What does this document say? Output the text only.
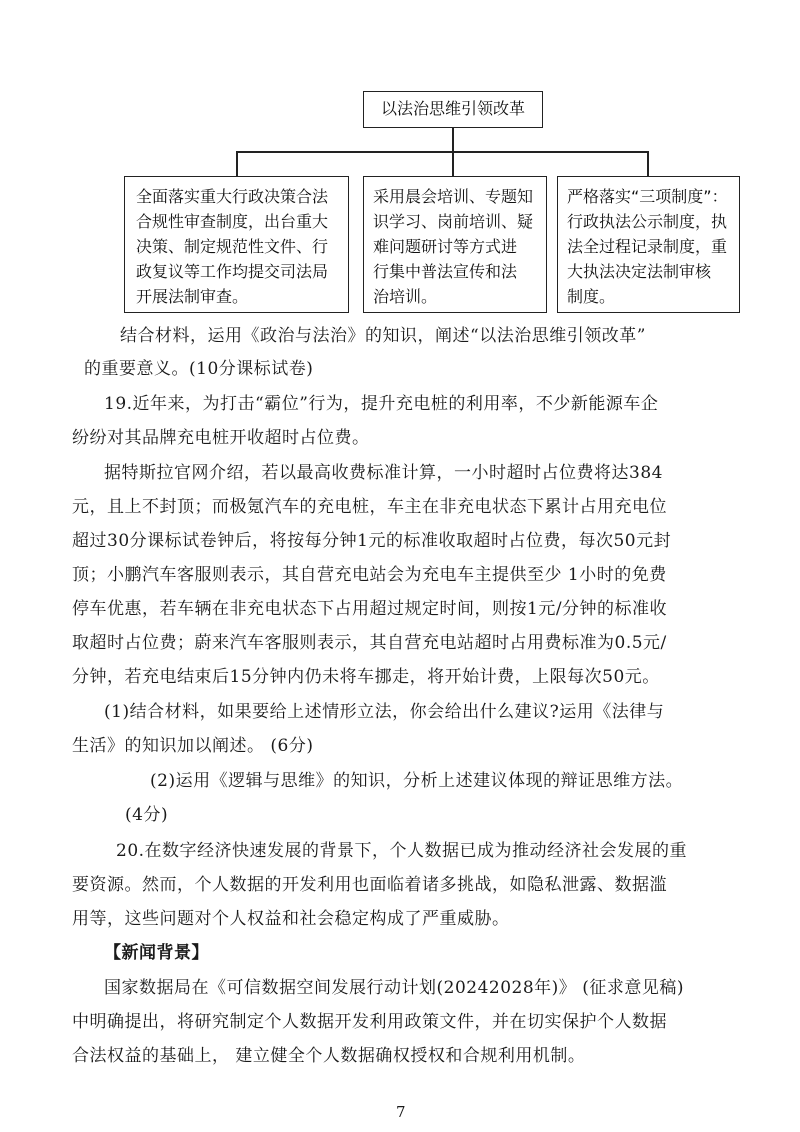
以法治思维引领改革
全面落实重大行政决策合法
合规性审查制度，出台重大
决策、制定规范性文件、行
政复议等工作均提交司法局
开展法制审查。
采用晨会培训、专题知
识学习、岗前培训、疑
难问题研讨等方式进
行集中普法宣传和法
治培训。
严格落实“三项制度”：
行政执法公示制度，执
法全过程记录制度，重
大执法决定法制审核
制度。
结合材料，运用《政治与法治》的知识，阐述“以法治思维引领改革”
的重要意义。(10分课标试卷)
19.近年来，为打击“霸位”行为，提升充电桩的利用率，不少新能源车企
纷纷对其品牌充电桩开收超时占位费。
据特斯拉官网介绍，若以最高收费标准计算，一小时超时占位费将达384
元，且上不封顶；而极氪汽车的充电桩，车主在非充电状态下累计占用充电位
超过30分课标试卷钟后，将按每分钟1元的标准收取超时占位费，每次50元封
顶；小鹏汽车客服则表示，其自营充电站会为充电车主提供至少 1小时的免费
停车优惠，若车辆在非充电状态下占用超过规定时间，则按1元/分钟的标准收
取超时占位费；蔚来汽车客服则表示，其自营充电站超时占用费标准为0.5元/
分钟，若充电结束后15分钟内仍未将车挪走，将开始计费，上限每次50元。
(1)结合材料，如果要给上述情形立法，你会给出什么建议?运用《法律与
生活》的知识加以阐述。 (6分)
(2)运用《逻辑与思维》的知识，分析上述建议体现的辩证思维方法。
(4分)
20.在数字经济快速发展的背景下，个人数据已成为推动经济社会发展的重
要资源。然而，个人数据的开发利用也面临着诸多挑战，如隐私泄露、数据滥
用等，这些问题对个人权益和社会稳定构成了严重威胁。
【新闻背景】
国家数据局在《可信数据空间发展行动计划(20242028年)》 (征求意见稿)
中明确提出，将研究制定个人数据开发利用政策文件，并在切实保护个人数据
合法权益的基础上， 建立健全个人数据确权授权和合规利用机制。
7
